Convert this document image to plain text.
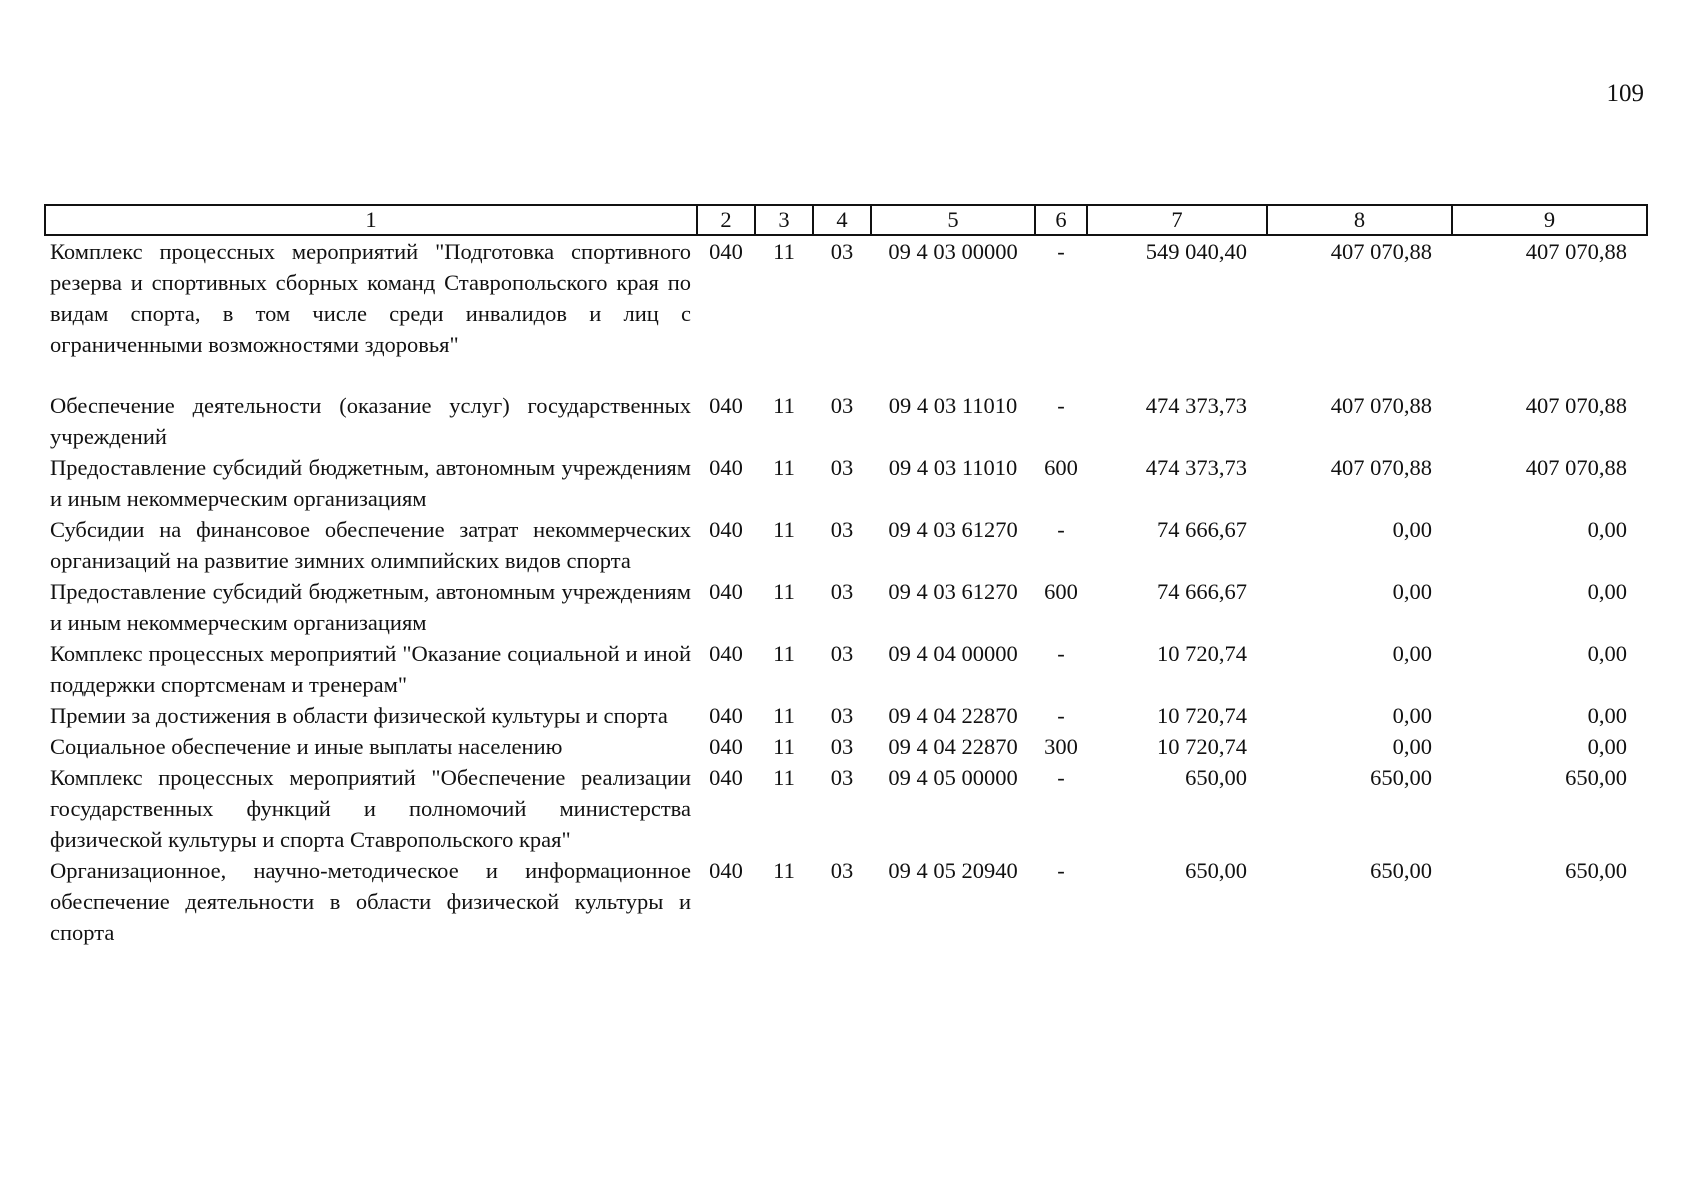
109
1	2	3	4	5	6	7	8	9
Комплекс процессных мероприятий "Подготовка спортивного резерва и спортивных сборных команд Ставропольского края по видам спорта, в том числе среди инвалидов и лиц с ограниченными возможностями здоровья"	040	11	03	09 4 03 00000	-	549 040,40	407 070,88	407 070,88
Обеспечение деятельности (оказание услуг) государственных учреждений	040	11	03	09 4 03 11010	-	474 373,73	407 070,88	407 070,88
Предоставление субсидий бюджетным, автономным учреждениям и иным некоммерческим организациям	040	11	03	09 4 03 11010	600	474 373,73	407 070,88	407 070,88
Субсидии на финансовое обеспечение затрат некоммерческих организаций на развитие зимних олимпийских видов спорта	040	11	03	09 4 03 61270	-	74 666,67	0,00	0,00
Предоставление субсидий бюджетным, автономным учреждениям и иным некоммерческим организациям	040	11	03	09 4 03 61270	600	74 666,67	0,00	0,00
Комплекс процессных мероприятий "Оказание социальной и иной поддержки спортсменам и тренерам"	040	11	03	09 4 04 00000	-	10 720,74	0,00	0,00
Премии за достижения в области физической культуры и спорта	040	11	03	09 4 04 22870	-	10 720,74	0,00	0,00
Социальное обеспечение и иные выплаты населению	040	11	03	09 4 04 22870	300	10 720,74	0,00	0,00
Комплекс процессных мероприятий "Обеспечение реализации государственных функций и полномочий министерства физической культуры и спорта Ставропольского края"	040	11	03	09 4 05 00000	-	650,00	650,00	650,00
Организационное, научно-методическое и информационное обеспечение деятельности в области физической культуры и спорта	040	11	03	09 4 05 20940	-	650,00	650,00	650,00
